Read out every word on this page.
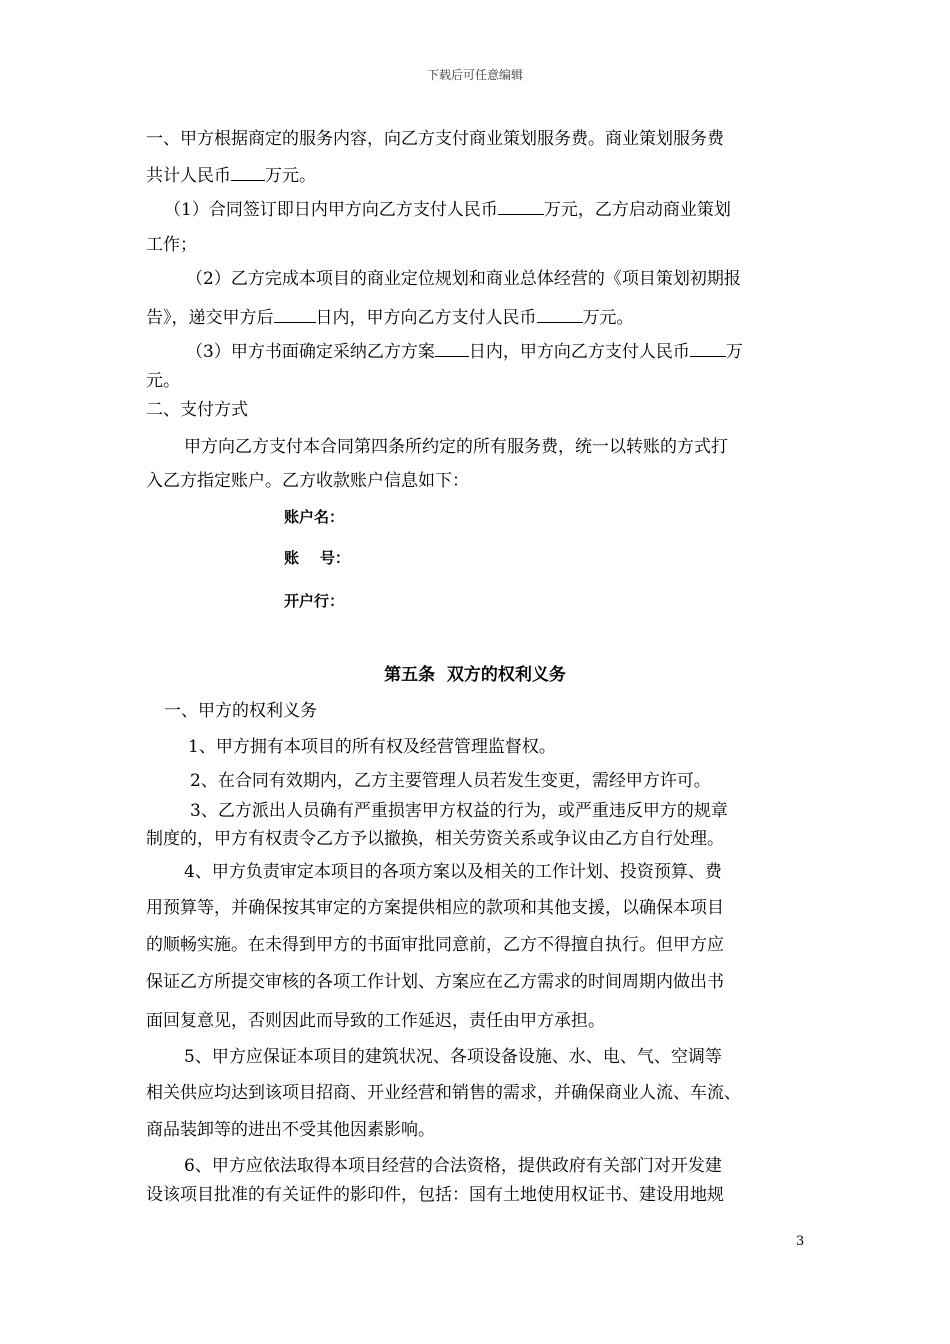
下载后可任意编辑
一、甲方根据商定的服务内容，向乙方支付商业策划服务费。商业策划服务费
共计人民币 万元。
（1）合同签订即日内甲方向乙方支付人民币	万元，乙方启动商业策划
工作；
（2）乙方完成本项目的商业定位规划和商业总体经营的《项目策划初期报
告》，递交甲方后 日内，甲方向乙方支付人民币	万元。
（3）甲方书面确定采纳乙方方案 日内，甲方向乙方支付人民币 万
元。
二、支付方式
甲方向乙方支付本合同第四条所约定的所有服务费，统一以转账的方式打
入乙方指定账户。乙方收款账户信息如下：
账户名：
账    号：
开户行：
第五条  双方的权利义务
一、甲方的权利义务
1、甲方拥有本项目的所有权及经营管理监督权。
2、在合同有效期内，乙方主要管理人员若发生变更，需经甲方许可。
3、乙方派出人员确有严重损害甲方权益的行为，或严重违反甲方的规章
制度的，甲方有权责令乙方予以撤换，相关劳资关系或争议由乙方自行处理。
4、甲方负责审定本项目的各项方案以及相关的工作计划、投资预算、费
用预算等，并确保按其审定的方案提供相应的款项和其他支援，以确保本项目
的顺畅实施。在未得到甲方的书面审批同意前，乙方不得擅自执行。但甲方应
保证乙方所提交审核的各项工作计划、方案应在乙方需求的时间周期内做出书
面回复意见，否则因此而导致的工作延迟，责任由甲方承担。
5、甲方应保证本项目的建筑状况、各项设备设施、水、电、气、空调等
相关供应均达到该项目招商、开业经营和销售的需求，并确保商业人流、车流、
商品装卸等的进出不受其他因素影响。
6、甲方应依法取得本项目经营的合法资格，提供政府有关部门对开发建
设该项目批准的有关证件的影印件，包括：国有土地使用权证书、建设用地规
3
